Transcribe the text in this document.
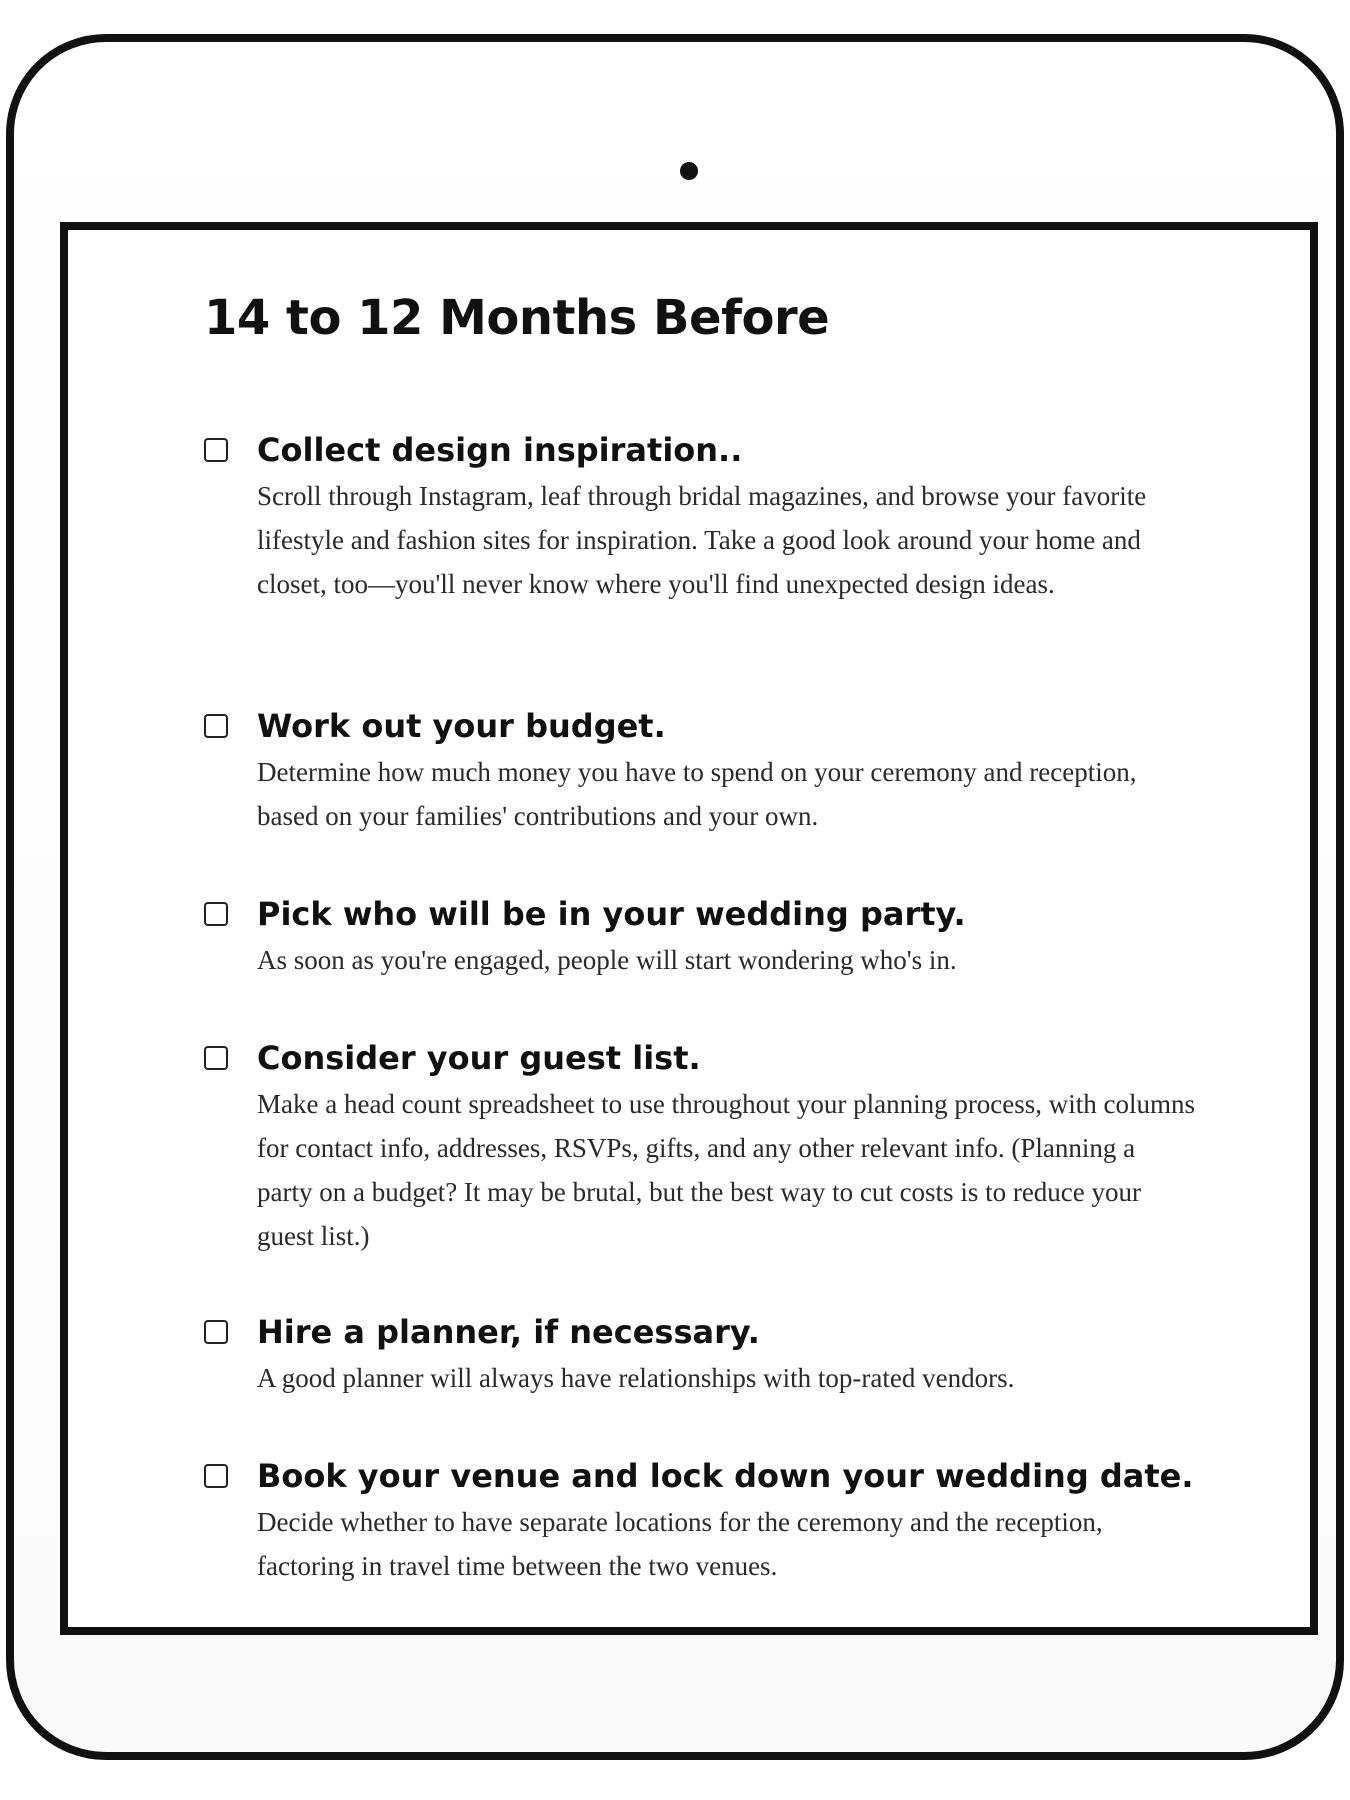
14 to 12 Months Before
Collect design inspiration..

Scroll through Instagram, leaf through bridal magazines, and browse your favorite lifestyle and fashion sites for inspiration. Take a good look around your home and closet, too—you'll never know where you'll find unexpected design ideas.

Work out your budget.

Determine how much money you have to spend on your ceremony and reception, based on your families' contributions and your own.

Pick who will be in your wedding party.

As soon as you're engaged, people will start wondering who's in.

Consider your guest list.

Make a head count spreadsheet to use throughout your planning process, with columns for contact info, addresses, RSVPs, gifts, and any other relevant info. (Planning a party on a budget? It may be brutal, but the best way to cut costs is to reduce your guest list.)

Hire a planner, if necessary.

A good planner will always have relationships with top-rated vendors.

Book your venue and lock down your wedding date.

Decide whether to have separate locations for the ceremony and the reception, factoring in travel time between the two venues.
